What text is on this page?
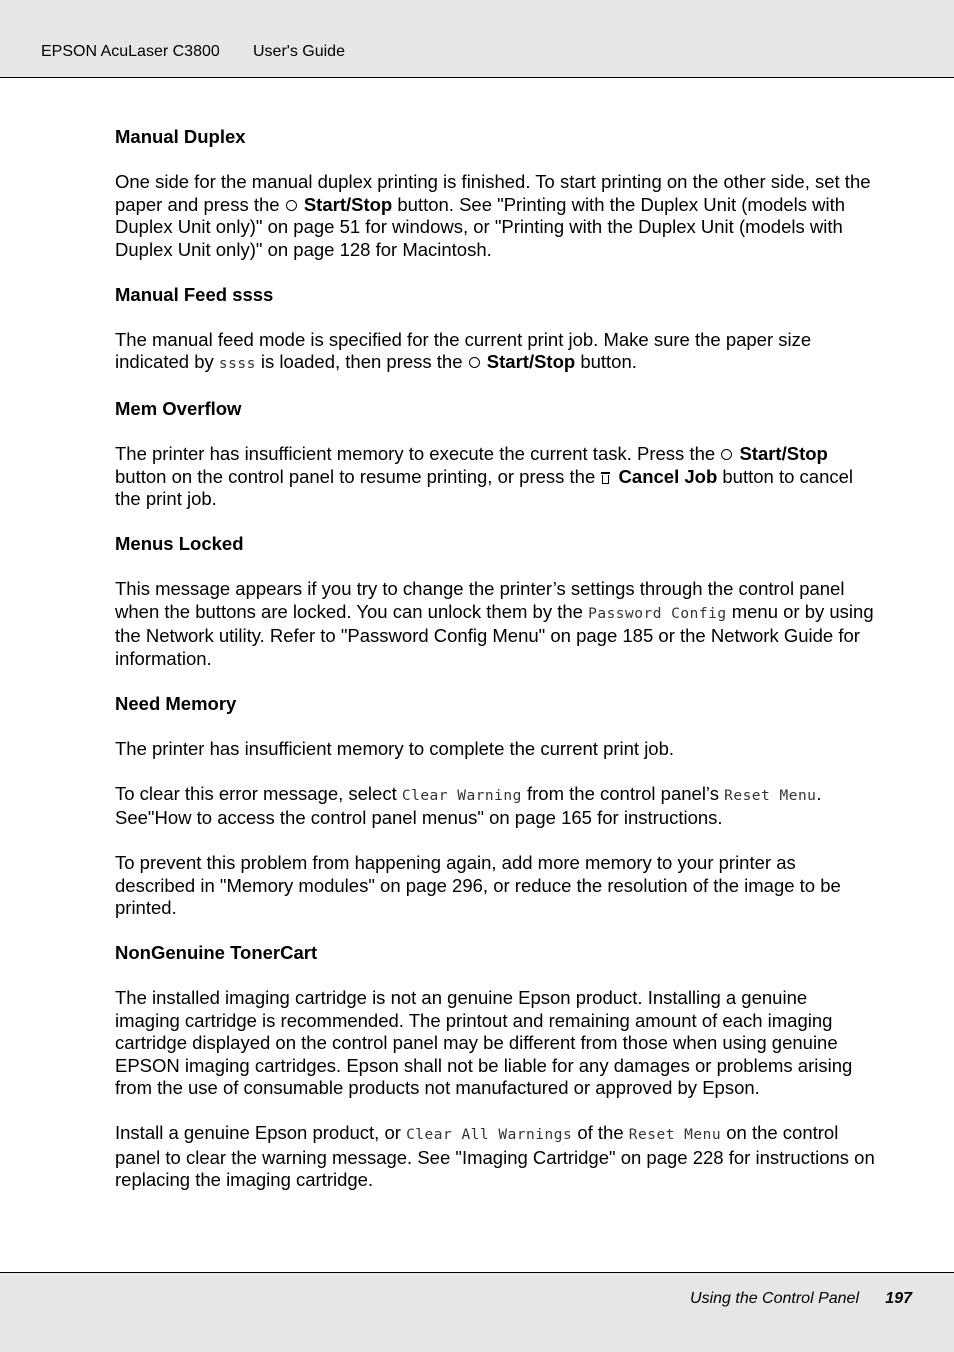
EPSON AcuLaser C3800 User's Guide
Manual Duplex

One side for the manual duplex printing is finished. To start printing on the other side, set the paper and press the  Start/Stop button. See "Printing with the Duplex Unit (models with Duplex Unit only)" on page 51 for windows, or "Printing with the Duplex Unit (models with Duplex Unit only)" on page 128 for Macintosh.

Manual Feed ssss

The manual feed mode is specified for the current print job. Make sure the paper size indicated by ssss is loaded, then press the  Start/Stop button.

Mem Overflow

The printer has insufficient memory to execute the current task. Press the  Start/Stop button on the control panel to resume printing, or press the  Cancel Job button to cancel the print job.

Menus Locked

This message appears if you try to change the printer’s settings through the control panel when the buttons are locked. You can unlock them by the Password Config menu or by using the Network utility. Refer to "Password Config Menu" on page 185 or the Network Guide for information.

Need Memory

The printer has insufficient memory to complete the current print job.

To clear this error message, select Clear Warning from the control panel’s Reset Menu. See"How to access the control panel menus" on page 165 for instructions.

To prevent this problem from happening again, add more memory to your printer as described in "Memory modules" on page 296, or reduce the resolution of the image to be printed.

NonGenuine TonerCart

The installed imaging cartridge is not an genuine Epson product. Installing a genuine imaging cartridge is recommended. The printout and remaining amount of each imaging cartridge displayed on the control panel may be different from those when using genuine EPSON imaging cartridges. Epson shall not be liable for any damages or problems arising from the use of consumable products not manufactured or approved by Epson.

Install a genuine Epson product, or Clear All Warnings of the Reset Menu on the control panel to clear the warning message. See "Imaging Cartridge" on page 228 for instructions on replacing the imaging cartridge.

Using the Control Panel 197
